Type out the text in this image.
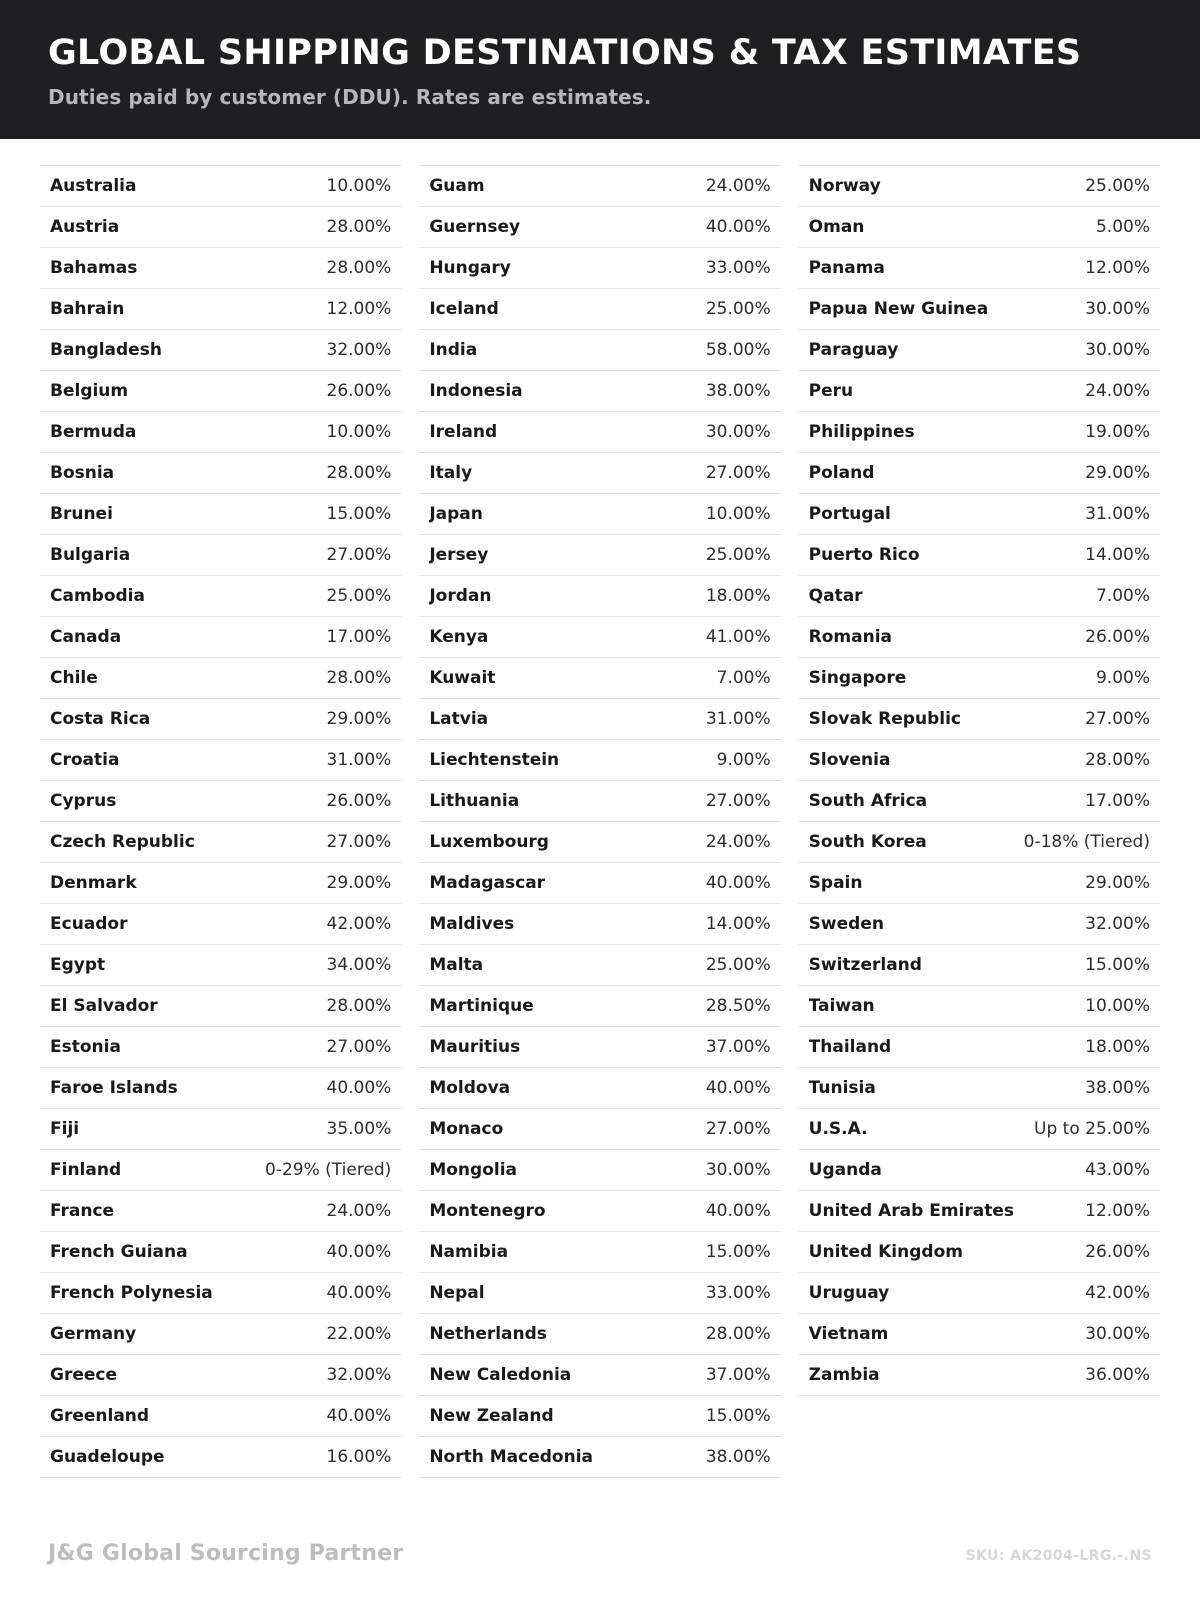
GLOBAL SHIPPING DESTINATIONS & TAX ESTIMATES
Duties paid by customer (DDU). Rates are estimates.
Australia	10.00%
Austria	28.00%
Bahamas	28.00%
Bahrain	12.00%
Bangladesh	32.00%
Belgium	26.00%
Bermuda	10.00%
Bosnia	28.00%
Brunei	15.00%
Bulgaria	27.00%
Cambodia	25.00%
Canada	17.00%
Chile	28.00%
Costa Rica	29.00%
Croatia	31.00%
Cyprus	26.00%
Czech Republic	27.00%
Denmark	29.00%
Ecuador	42.00%
Egypt	34.00%
El Salvador	28.00%
Estonia	27.00%
Faroe Islands	40.00%
Fiji	35.00%
Finland	0-29% (Tiered)
France	24.00%
French Guiana	40.00%
French Polynesia	40.00%
Germany	22.00%
Greece	32.00%
Greenland	40.00%
Guadeloupe	16.00%
Guam	24.00%
Guernsey	40.00%
Hungary	33.00%
Iceland	25.00%
India	58.00%
Indonesia	38.00%
Ireland	30.00%
Italy	27.00%
Japan	10.00%
Jersey	25.00%
Jordan	18.00%
Kenya	41.00%
Kuwait	7.00%
Latvia	31.00%
Liechtenstein	9.00%
Lithuania	27.00%
Luxembourg	24.00%
Madagascar	40.00%
Maldives	14.00%
Malta	25.00%
Martinique	28.50%
Mauritius	37.00%
Moldova	40.00%
Monaco	27.00%
Mongolia	30.00%
Montenegro	40.00%
Namibia	15.00%
Nepal	33.00%
Netherlands	28.00%
New Caledonia	37.00%
New Zealand	15.00%
North Macedonia	38.00%
Norway	25.00%
Oman	5.00%
Panama	12.00%
Papua New Guinea	30.00%
Paraguay	30.00%
Peru	24.00%
Philippines	19.00%
Poland	29.00%
Portugal	31.00%
Puerto Rico	14.00%
Qatar	7.00%
Romania	26.00%
Singapore	9.00%
Slovak Republic	27.00%
Slovenia	28.00%
South Africa	17.00%
South Korea	0-18% (Tiered)
Spain	29.00%
Sweden	32.00%
Switzerland	15.00%
Taiwan	10.00%
Thailand	18.00%
Tunisia	38.00%
U.S.A.	Up to 25.00%
Uganda	43.00%
United Arab Emirates	12.00%
United Kingdom	26.00%
Uruguay	42.00%
Vietnam	30.00%
Zambia	36.00%
J&G Global Sourcing Partner	SKU: AK2004-LRG.-.NS
